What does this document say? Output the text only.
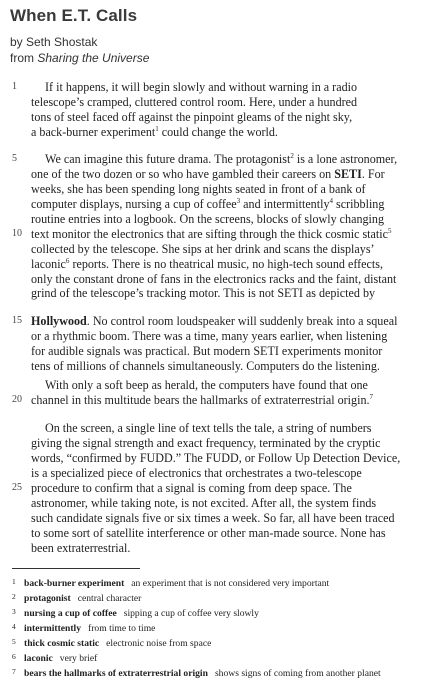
When E.T. Calls
by Seth Shostak
from Sharing the Universe
1
5
10
15
20
25
If it happens, it will begin slowly and without warning in a radio
telescope’s cramped, cluttered control room. Here, under a hundred
tons of steel faced off against the pinpoint gleams of the night sky,
a back-burner experiment$^1$ could change the world.
We can imagine this future drama. The protagonist$^2$ is a lone astronomer,
one of the two dozen or so who have gambled their careers on SETI. For
weeks, she has been spending long nights seated in front of a bank of
computer displays, nursing a cup of coffee$^3$ and intermittently$^4$ scribbling
routine entries into a logbook. On the screens, blocks of slowly changing
text monitor the electronics that are sifting through the thick cosmic static$^5$
collected by the telescope. She sips at her drink and scans the displays’
laconic$^6$ reports. There is no theatrical music, no high-tech sound effects,
only the constant drone of fans in the electronics racks and the faint, distant
grind of the telescope’s tracking motor. This is not SETI as depicted by
Hollywood. No control room loudspeaker will suddenly break into a squeal
or a rhythmic boom. There was a time, many years earlier, when listening
for audible signals was practical. But modern SETI experiments monitor
tens of millions of channels simultaneously. Computers do the listening.
With only a soft beep as herald, the computers have found that one
channel in this multitude bears the hallmarks of extraterrestrial origin.$^7$
On the screen, a single line of text tells the tale, a string of numbers
giving the signal strength and exact frequency, terminated by the cryptic
words, “confirmed by FUDD.” The FUDD, or Follow Up Detection Device,
is a specialized piece of electronics that orchestrates a two-telescope
procedure to confirm that a signal is coming from deep space. The
astronomer, while taking note, is not excited. After all, the system finds
such candidate signals five or six times a week. So far, all have been traced
to some sort of satellite interference or other man-made source. None has
been extraterrestrial.
1 back-burner experiment an experiment that is not considered very important
2 protagonist central character
3 nursing a cup of coffee sipping a cup of coffee very slowly
4 intermittently from time to time
5 thick cosmic static electronic noise from space
6 laconic very brief
7 bears the hallmarks of extraterrestrial origin shows signs of coming from another planet
